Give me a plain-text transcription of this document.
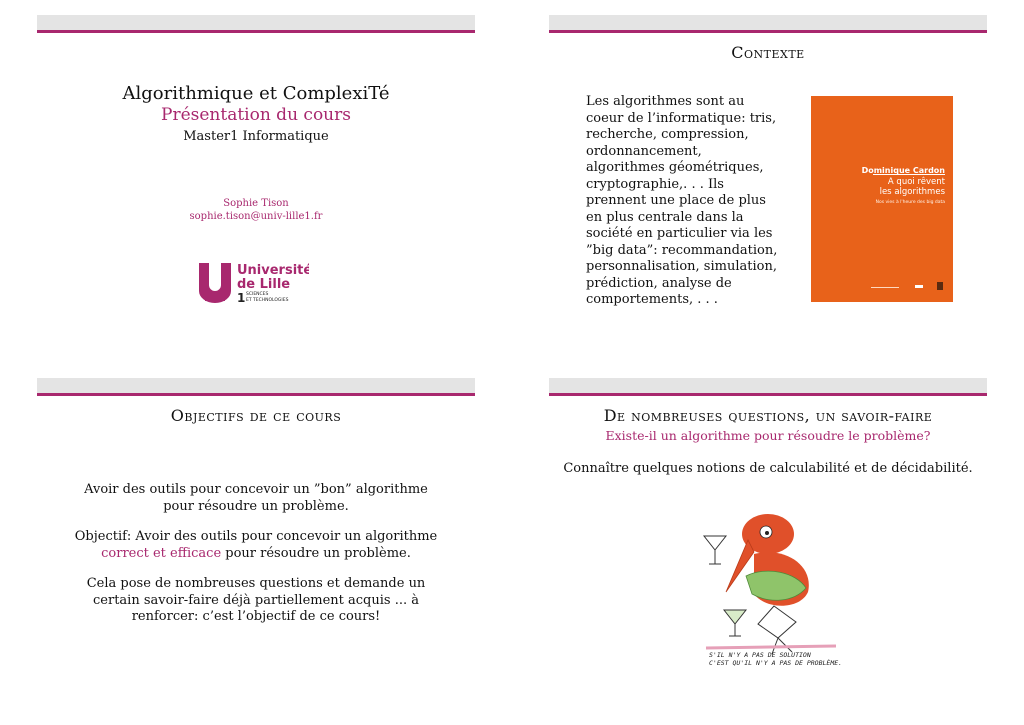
Algorithmique et ComplexiTé
Présentation du cours
Master1 Informatique
Sophie Tison
sophie.tison@univ-lille1.fr
Université
de Lille
1 SCIENCES
ET TECHNOLOGIES
Contexte
Les algorithmes sont au coeur de l’informatique: tris, recherche, compression, ordonnancement, algorithmes géométriques, cryptographie,. . . Ils prennent une place de plus en plus centrale dans la société en particulier via les ”big data”: recommandation, personnalisation, simulation, prédiction, analyse de comportements, . . .
Dominique Cardon
A quoi rêvent
les algorithmes
Nos vies à l'heure des big data
Objectifs de ce cours
Avoir des outils pour concevoir un ”bon” algorithme pour résoudre un problème.
Objectif: Avoir des outils pour concevoir un algorithme correct et efficace pour résoudre un problème.
Cela pose de nombreuses questions et demande un certain savoir-faire déjà partiellement acquis ... à renforcer: c’est l’objectif de ce cours!
De nombreuses questions, un savoir-faire
Existe-il un algorithme pour résoudre le problème?
Connaître quelques notions de calculabilité et de décidabilité.
S'IL N'Y A PAS DE SOLUTION
C'EST QU'IL N'Y A PAS DE PROBLÈME.
